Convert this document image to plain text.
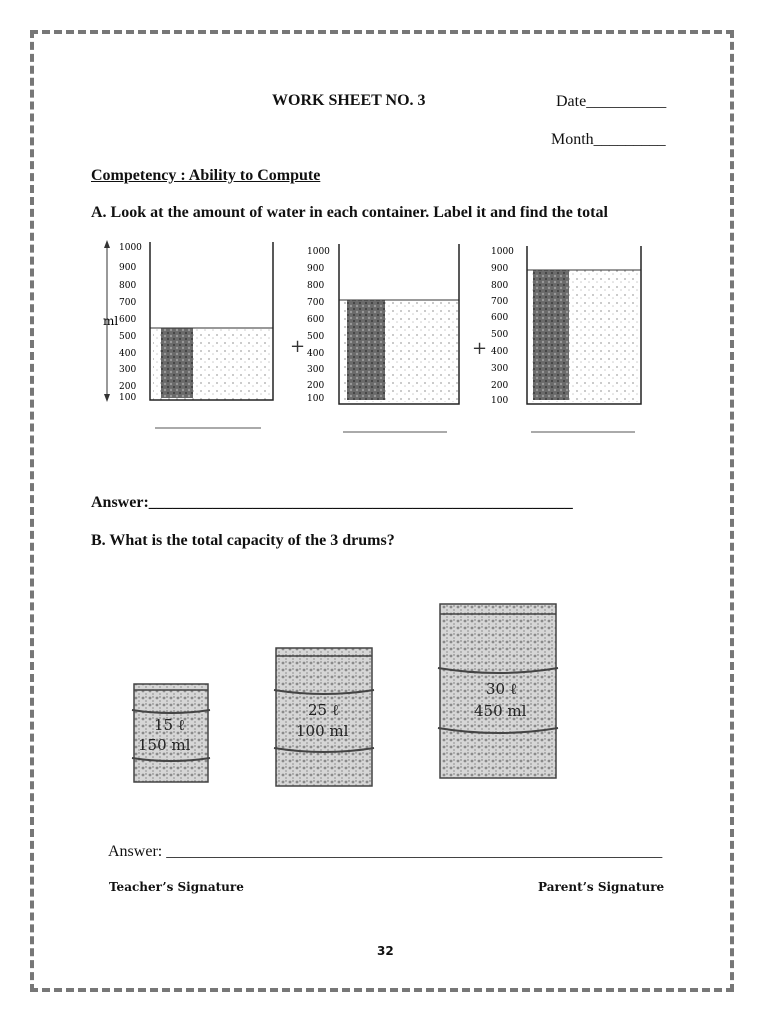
WORK SHEET NO. 3	Date__________
Month_________
Competency : Ability to Compute
A. Look at the amount of water in each container. Label it and find the total
ml
1000
900
800
700
600
500
400
300
200
100
+
1000
900
800
700
600
500
400
300
200
100
+
1000
900
800
700
600
500
400
300
200
100
Answer:_____________________________________________________
B. What is the total capacity of the 3 drums?
15 ℓ
150 ml
25 ℓ
100 ml
30 ℓ
450 ml
Answer: ______________________________________________________________
Teacher’s Signature	Parent’s Signature
32
